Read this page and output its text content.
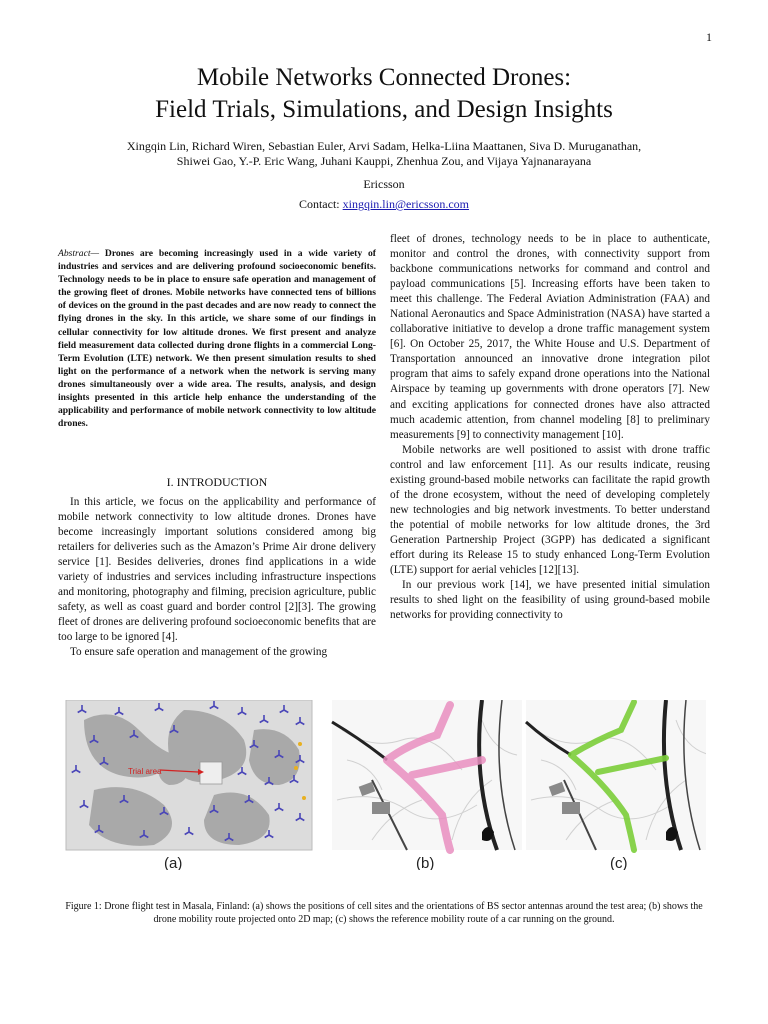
1
Mobile Networks Connected Drones:
Field Trials, Simulations, and Design Insights
Xingqin Lin, Richard Wiren, Sebastian Euler, Arvi Sadam, Helka-Liina Maattanen, Siva D. Muruganathan,
Shiwei Gao, Y.-P. Eric Wang, Juhani Kauppi, Zhenhua Zou, and Vijaya Yajnanarayana
Ericsson
Contact: xingqin.lin@ericsson.com
Abstract— Drones are becoming increasingly used in a wide variety of industries and services and are delivering profound socioeconomic benefits. Technology needs to be in place to ensure safe operation and management of the growing fleet of drones. Mobile networks have connected tens of billions of devices on the ground in the past decades and are now ready to connect the flying drones in the sky. In this article, we share some of our findings in cellular connectivity for low altitude drones. We first present and analyze field measurement data collected during drone flights in a commercial Long-Term Evolution (LTE) network. We then present simulation results to shed light on the performance of a network when the network is serving many drones simultaneously over a wide area. The results, analysis, and design insights presented in this article help enhance the understanding of the applicability and performance of mobile network connectivity to low altitude drones.
I. INTRODUCTION

In this article, we focus on the applicability and performance of mobile network connectivity to low altitude drones. Drones have become increasingly important solutions considered among big retailers for deliveries such as the Amazon’s Prime Air drone delivery service [1]. Besides deliveries, drones find applications in a wide variety of industries and services including infrastructure inspections and monitoring, photography and filming, precision agriculture, public safety, as well as coast guard and border control [2][3]. The growing fleet of drones are delivering profound socioeconomic benefits that are too large to be ignored [4].

To ensure safe operation and management of the growing

fleet of drones, technology needs to be in place to authenticate, monitor and control the drones, with connectivity support from backbone communications networks for command and control and payload communications [5]. Increasing efforts have been taken to meet this challenge. The Federal Aviation Administration (FAA) and National Aeronautics and Space Administration (NASA) have started a collaborative initiative to develop a drone traffic management system [6]. On October 25, 2017, the White House and U.S. Department of Transportation announced an innovative drone integration pilot program that aims to safely expand drone operations into the National Airspace by teaming up governments with drone operators [7]. New and exciting applications for connected drones have also attracted much academic attention, from channel modeling [8] to preliminary measurements [9] to connectivity management [10].

Mobile networks are well positioned to assist with drone traffic control and law enforcement [11]. As our results indicate, reusing existing ground-based mobile networks can facilitate the rapid growth of the drone ecosystem, without the need of developing completely new technologies and big network investments. To better understand the potential of mobile networks for low altitude drones, the 3rd Generation Partnership Project (3GPP) has dedicated a significant effort during its Release 15 to study enhanced Long-Term Evolution (LTE) support for aerial vehicles [12][13].

In our previous work [14], we have presented initial simulation results to shed light on the feasibility of using ground-based mobile networks for providing connectivity to

Trial area
(a)	(b)	(c)
Figure 1: Drone flight test in Masala, Finland: (a) shows the positions of cell sites and the orientations of BS sector antennas around the test area; (b) shows the drone mobility route projected onto 2D map; (c) shows the reference mobility route of a car running on the ground.
